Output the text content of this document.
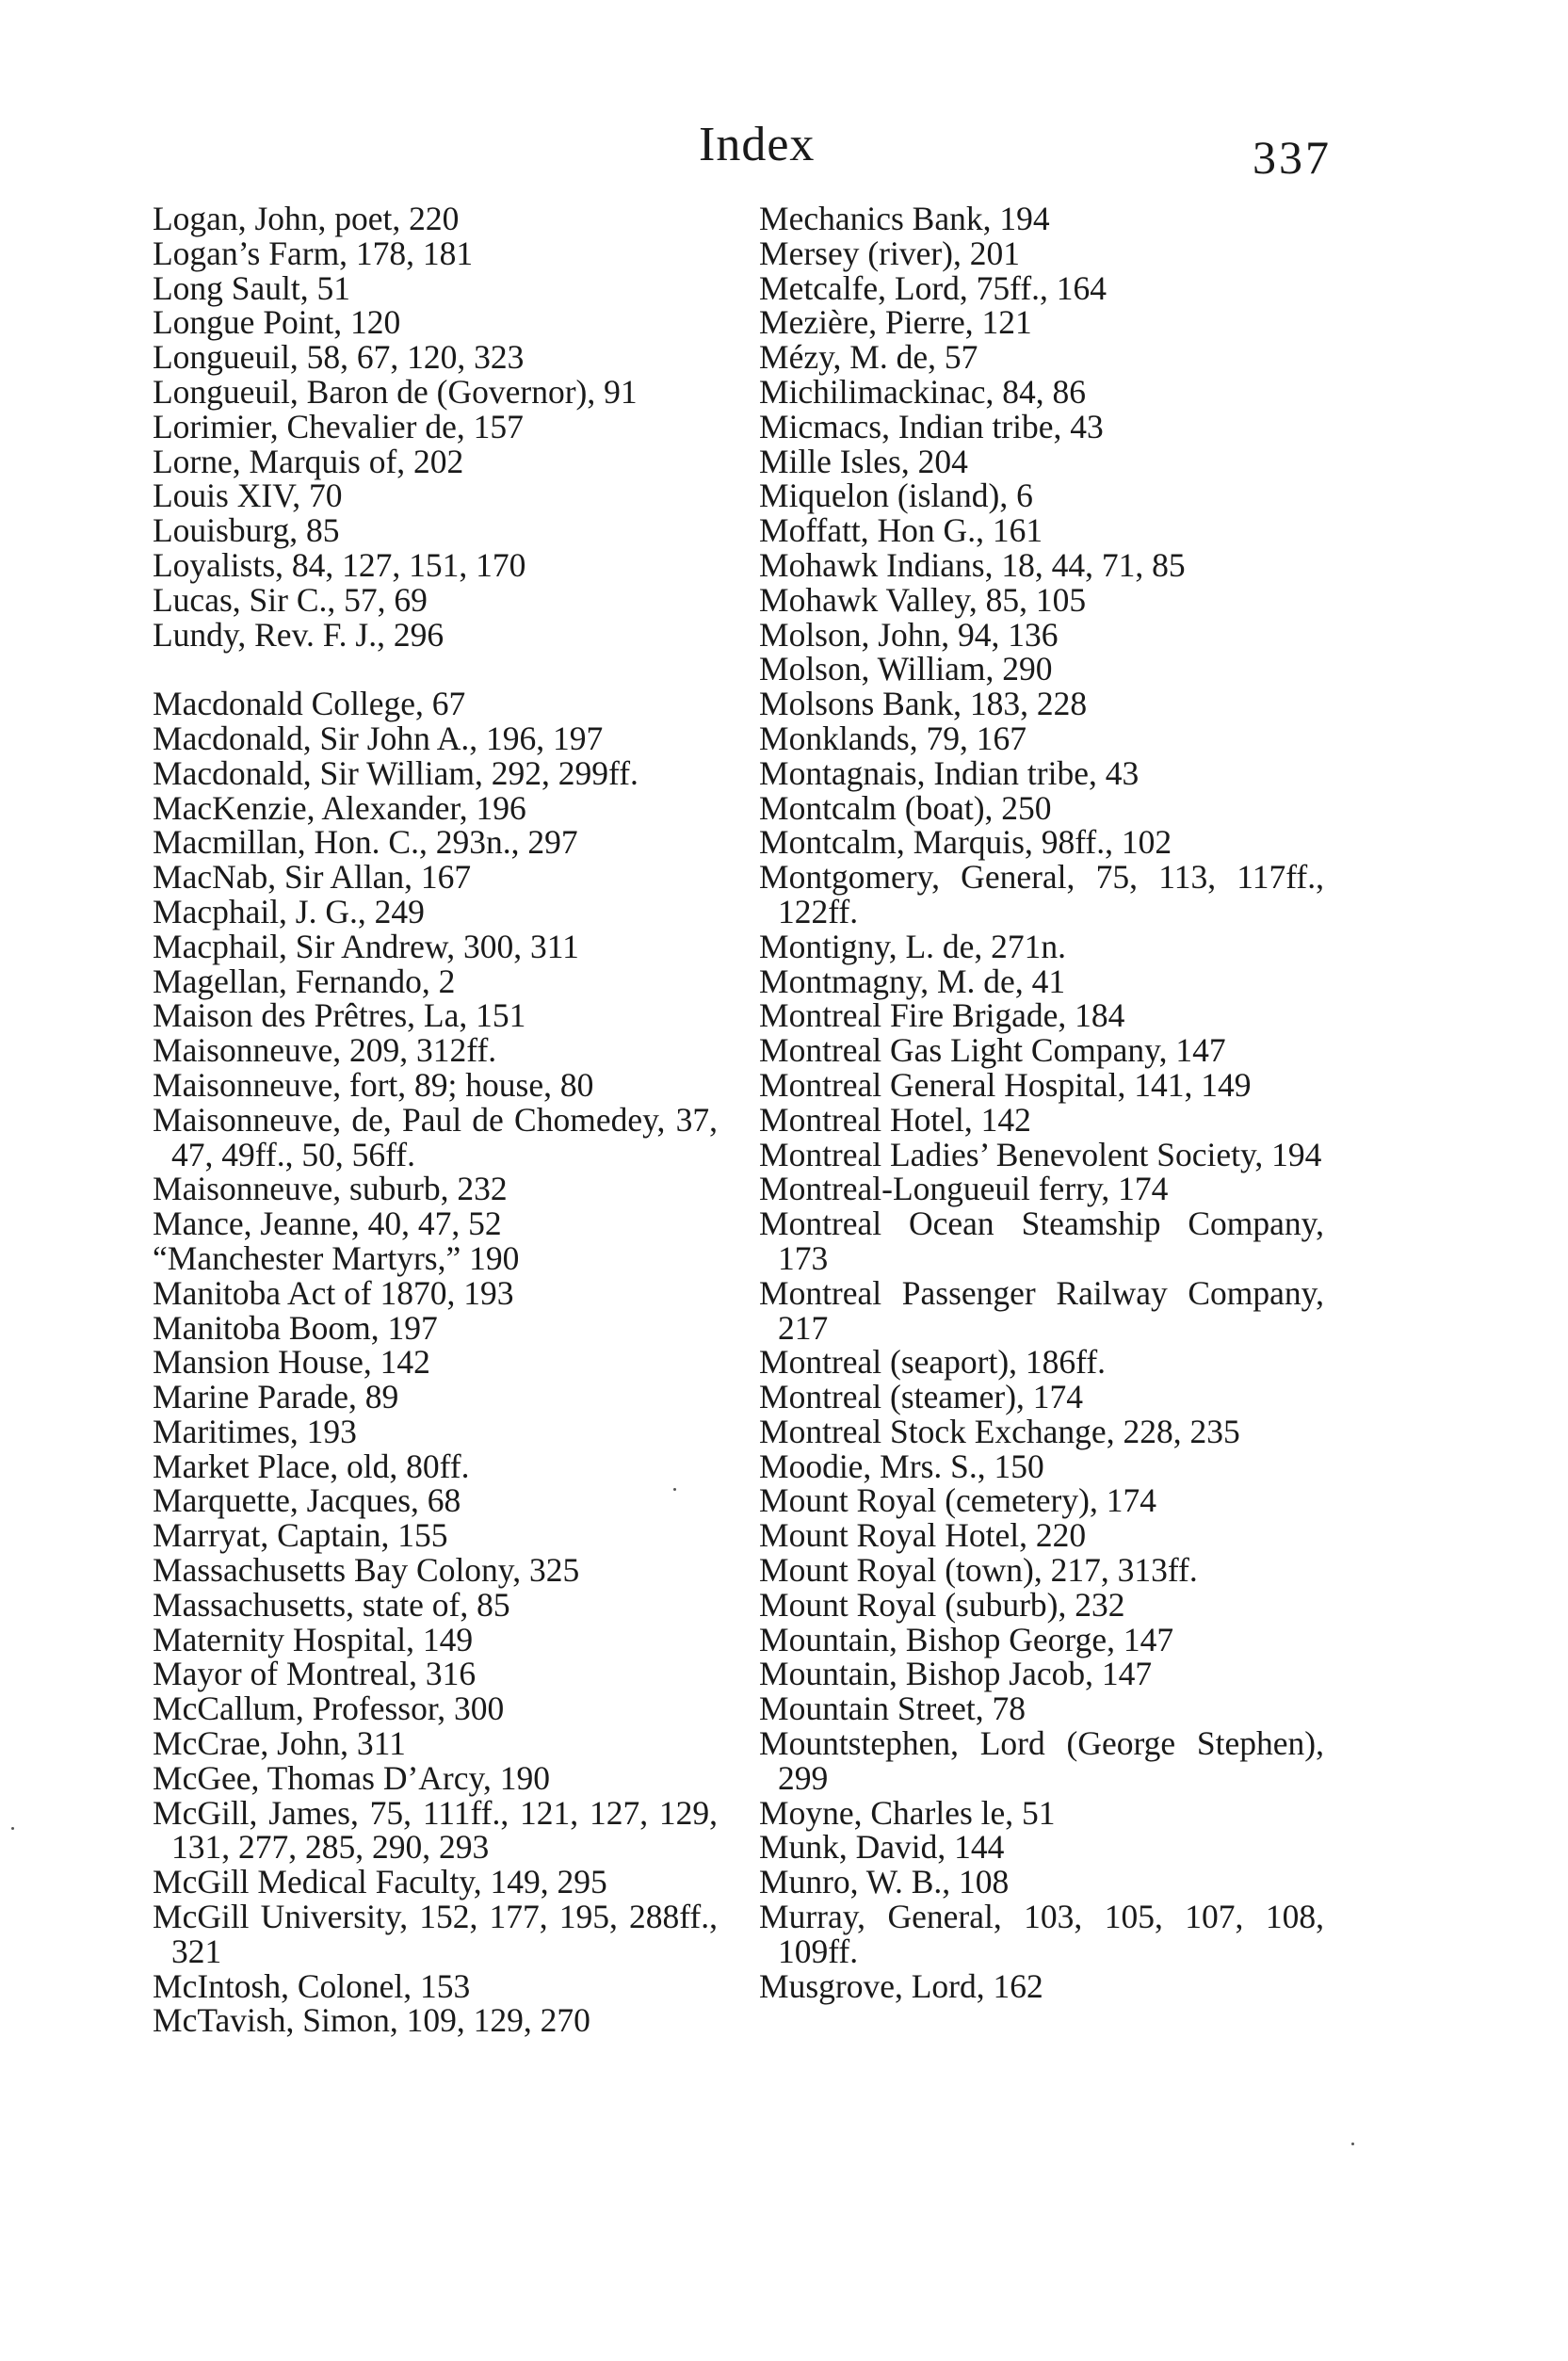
Index	337
Logan, John, poet, 220
Logan’s Farm, 178, 181
Long Sault, 51
Longue Point, 120
Longueuil, 58, 67, 120, 323
Longueuil, Baron de (Governor), 91
Lorimier, Chevalier de, 157
Lorne, Marquis of, 202
Louis XIV, 70
Louisburg, 85
Loyalists, 84, 127, 151, 170
Lucas, Sir C., 57, 69
Lundy, Rev. F. J., 296
Macdonald College, 67
Macdonald, Sir John A., 196, 197
Macdonald, Sir William, 292, 299ff.
MacKenzie, Alexander, 196
Macmillan, Hon. C., 293n., 297
MacNab, Sir Allan, 167
Macphail, J. G., 249
Macphail, Sir Andrew, 300, 311
Magellan, Fernando, 2
Maison des Prêtres, La, 151
Maisonneuve, 209, 312ff.
Maisonneuve, fort, 89; house, 80
Maisonneuve, de, Paul de Chomedey, 37, 47, 49ff., 50, 56ff.
Maisonneuve, suburb, 232
Mance, Jeanne, 40, 47, 52
“Manchester Martyrs,” 190
Manitoba Act of 1870, 193
Manitoba Boom, 197
Mansion House, 142
Marine Parade, 89
Maritimes, 193
Market Place, old, 80ff.
Marquette, Jacques, 68
Marryat, Captain, 155
Massachusetts Bay Colony, 325
Massachusetts, state of, 85
Maternity Hospital, 149
Mayor of Montreal, 316
McCallum, Professor, 300
McCrae, John, 311
McGee, Thomas D’Arcy, 190
McGill, James, 75, 111ff., 121, 127, 129, 131, 277, 285, 290, 293
McGill Medical Faculty, 149, 295
McGill University, 152, 177, 195, 288ff., 321
McIntosh, Colonel, 153
McTavish, Simon, 109, 129, 270
Mechanics Bank, 194
Mersey (river), 201
Metcalfe, Lord, 75ff., 164
Mezière, Pierre, 121
Mézy, M. de, 57
Michilimackinac, 84, 86
Micmacs, Indian tribe, 43
Mille Isles, 204
Miquelon (island), 6
Moffatt, Hon G., 161
Mohawk Indians, 18, 44, 71, 85
Mohawk Valley, 85, 105
Molson, John, 94, 136
Molson, William, 290
Molsons Bank, 183, 228
Monklands, 79, 167
Montagnais, Indian tribe, 43
Montcalm (boat), 250
Montcalm, Marquis, 98ff., 102
Montgomery, General, 75, 113, 117ff., 122ff.
Montigny, L. de, 271n.
Montmagny, M. de, 41
Montreal Fire Brigade, 184
Montreal Gas Light Company, 147
Montreal General Hospital, 141, 149
Montreal Hotel, 142
Montreal Ladies’ Benevolent Society, 194
Montreal-Longueuil ferry, 174
Montreal Ocean Steamship Company, 173
Montreal Passenger Railway Company, 217
Montreal (seaport), 186ff.
Montreal (steamer), 174
Montreal Stock Exchange, 228, 235
Moodie, Mrs. S., 150
Mount Royal (cemetery), 174
Mount Royal Hotel, 220
Mount Royal (town), 217, 313ff.
Mount Royal (suburb), 232
Mountain, Bishop George, 147
Mountain, Bishop Jacob, 147
Mountain Street, 78
Mountstephen, Lord (George Stephen), 299
Moyne, Charles le, 51
Munk, David, 144
Munro, W. B., 108
Murray, General, 103, 105, 107, 108, 109ff.
Musgrove, Lord, 162
